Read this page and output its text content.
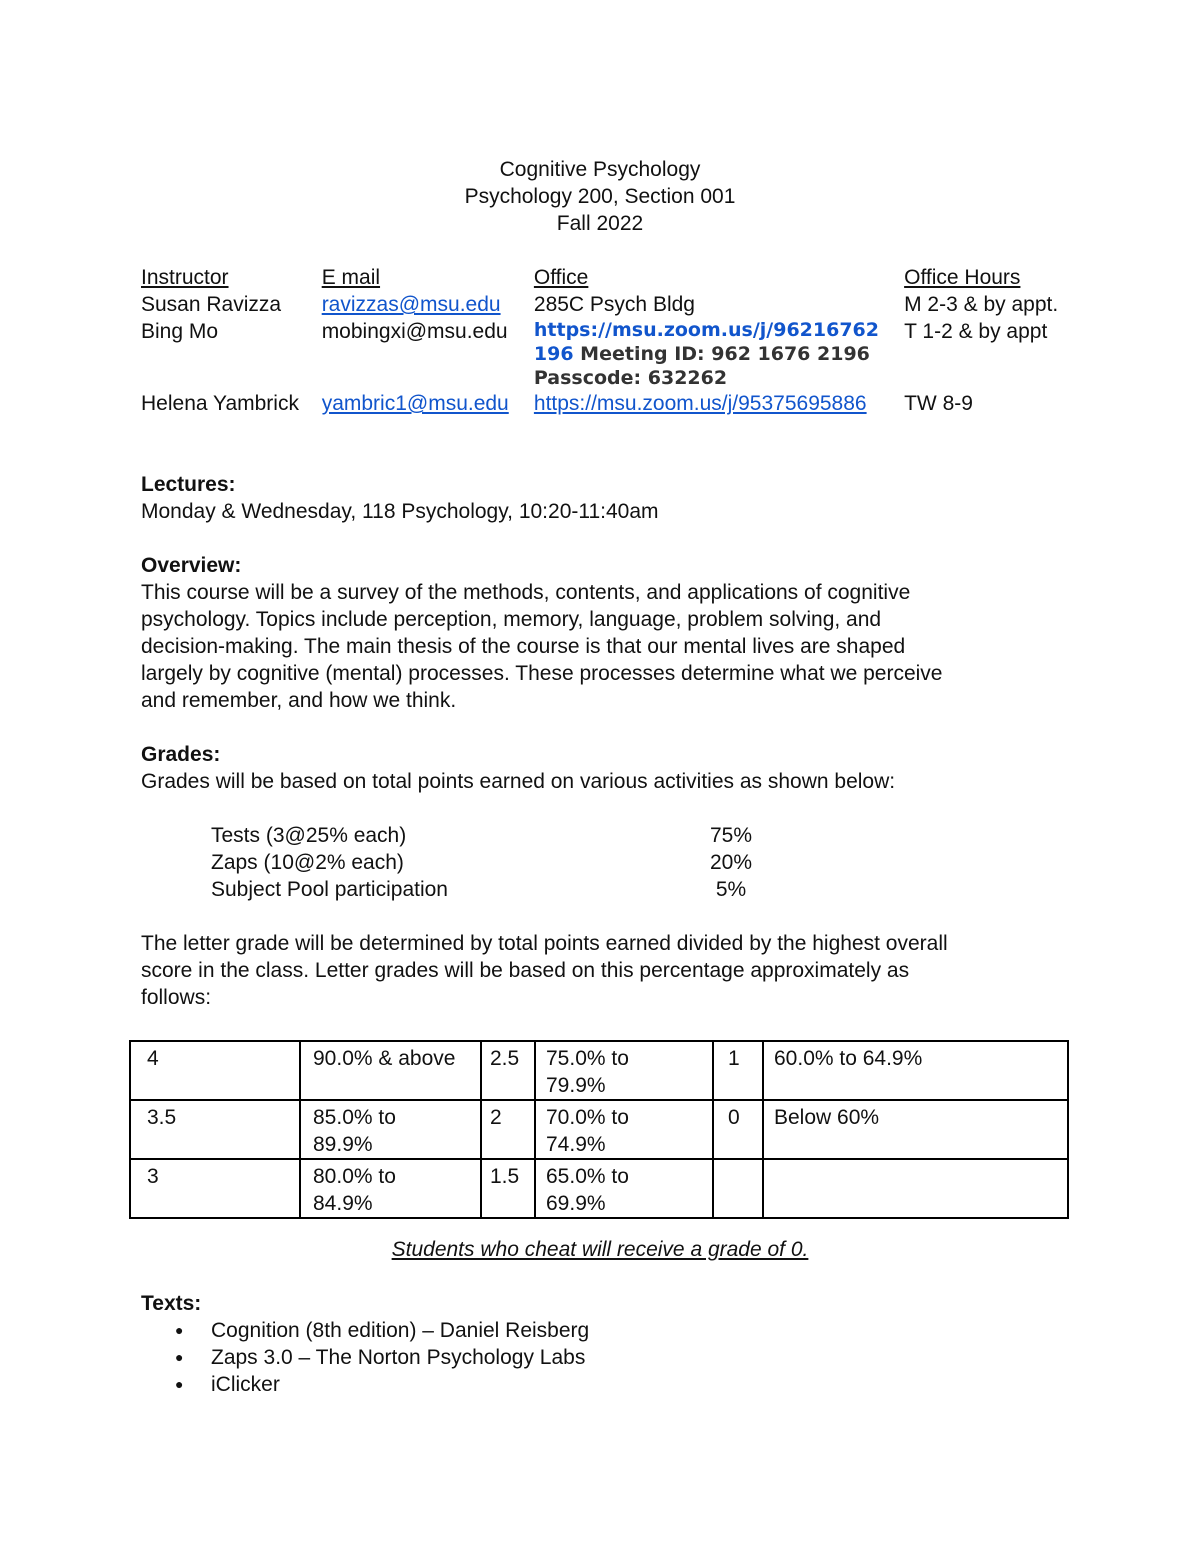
Cognitive Psychology
Psychology 200, Section 001
Fall 2022
Instructor	E mail	Office	Office Hours
Susan Ravizza	ravizzas@msu.edu	285C Psych Bldg	M 2-3 & by appt.
Bing Mo	mobingxi@msu.edu	https://msu.zoom.us/j/96216762
196 Meeting ID: 962 1676 2196
Passcode: 632262	T 1-2 & by appt
Helena Yambrick	yambric1@msu.edu	https://msu.zoom.us/j/95375695886	TW 8-9
Lectures:
Monday & Wednesday, 118 Psychology, 10:20-11:40am
Overview:
This course will be a survey of the methods, contents, and applications of cognitive
psychology. Topics include perception, memory, language, problem solving, and
decision-making. The main thesis of the course is that our mental lives are shaped
largely by cognitive (mental) processes. These processes determine what we perceive
and remember, and how we think.
Grades:
Grades will be based on total points earned on various activities as shown below:
Tests (3@25% each)	75%
Zaps (10@2% each)	20%
Subject Pool participation	5%
The letter grade will be determined by total points earned divided by the highest overall
score in the class. Letter grades will be based on this percentage approximately as
follows:
4	90.0% & above	2.5	75.0% to
79.9%	1	60.0% to 64.9%

3.5	85.0% to
89.9%	2	70.0% to
74.9%	0	Below 60%

3	80.0% to
84.9%	1.5	65.0% to
69.9%		

Students who cheat will receive a grade of 0.
Texts:
● Cognition (8th edition) – Daniel Reisberg
● Zaps 3.0 – The Norton Psychology Labs
● iClicker
